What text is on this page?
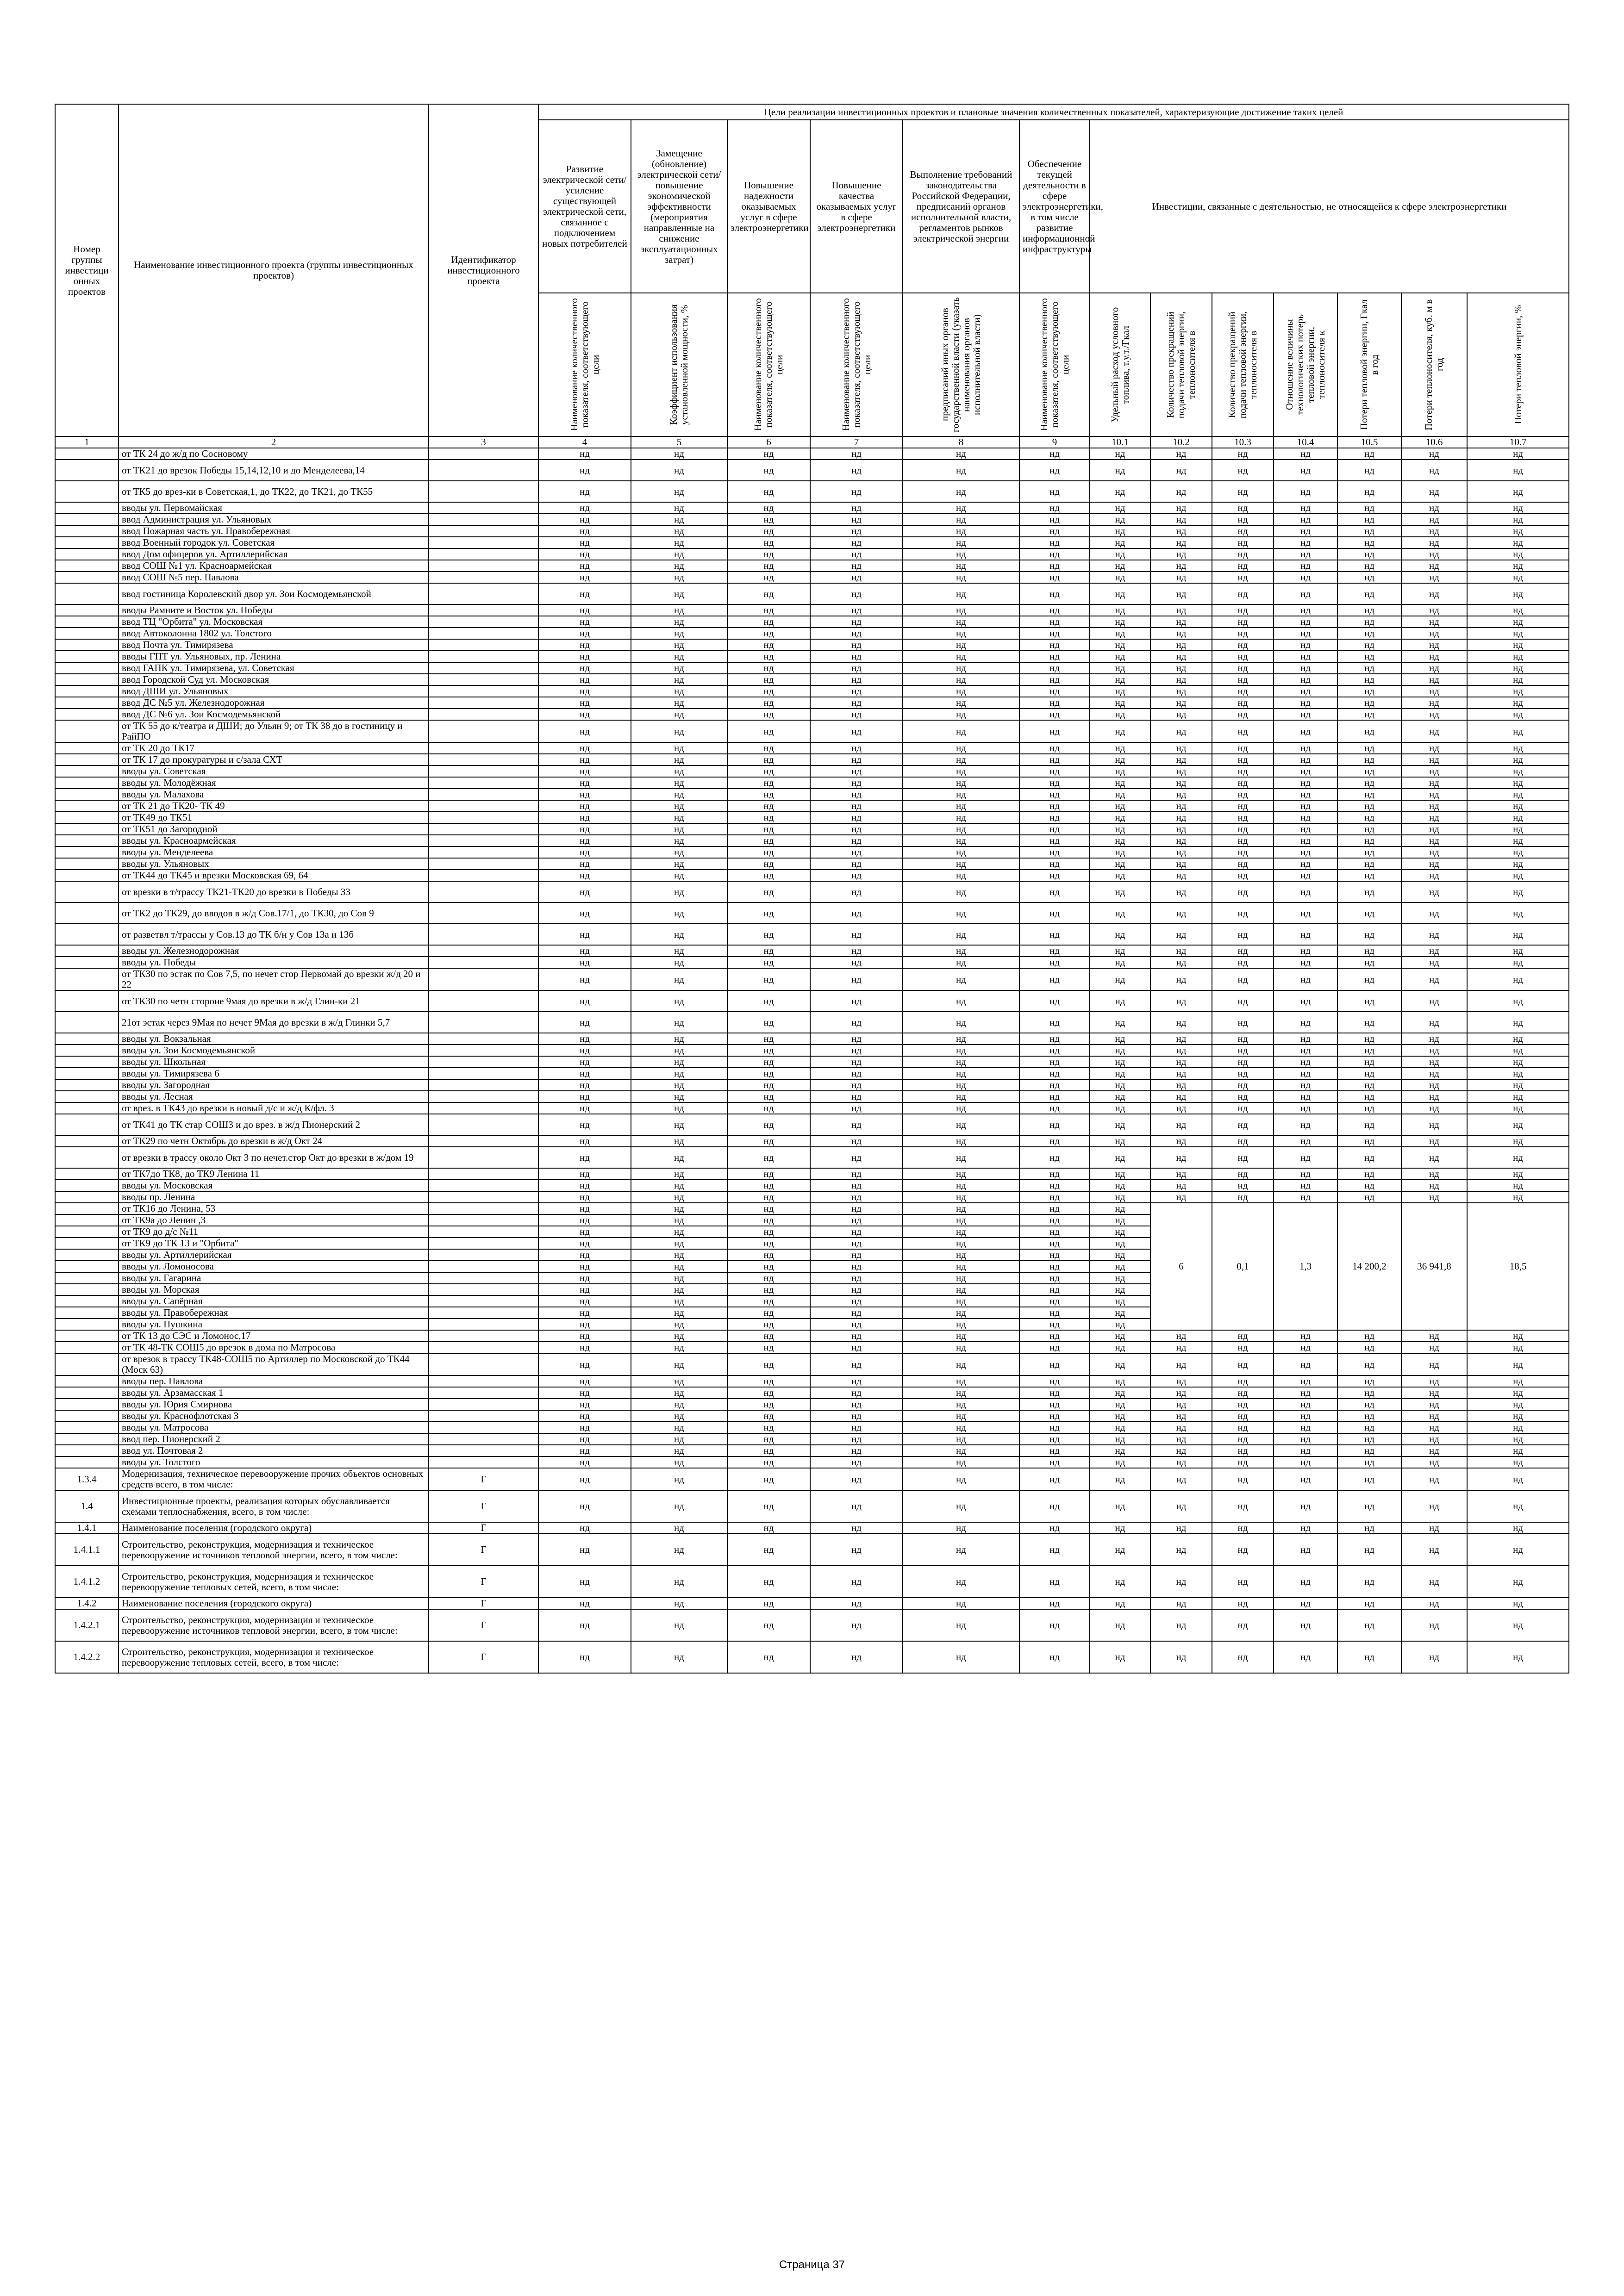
Номер группы инвестици онных проектов	Наименование инвестиционного проекта (группы инвестиционных проектов)	Идентификатор инвестиционного проекта	Цели реализации инвестиционных проектов и плановые значения количественных показателей, характеризующие достижение таких целей												
			Развитие электрической сети/усиление существующей электрической сети, связанное с подключением новых потребителей	Замещение (обновление) электрической сети/повышение экономической эффективности (мероприятия направленные на снижение эксплуатационных затрат)	Повышение надежности оказываемых услуг в сфере электроэнергетики	Повышение качества оказываемых услуг в сфере электроэнергетики	Выполнение требований законодательства Российской Федерации, предписаний органов исполнительной власти, регламентов рынков электрической энергии	Обеспечение текущей деятельности в сфере электроэнергетики, в том числе развитие информационной инфраструктуры	Инвестиции, связанные с деятельностью, не относящейся к сфере электроэнергетики						

			Наименование количественного показателя, соответствующего цели	Коэффициент использования установленной мощности, %	Наименование количественного показателя, соответствующего цели	Наименование количественного показателя, соответствующего цели	предписаний иных органов государственной власти (указать наименования органов исполнительной власти)	Наименование количественного показателя, соответствующего цели	Удельный расход условного топлива, т.у.т./Гкал	Количество прекращений подачи тепловой энергии, теплоносителя в	Количество прекращений подачи тепловой энергии, теплоносителя в	Отношение величины технологических потерь тепловой энергии, теплоносителя к	Потери тепловой энергии, Гкал в год	Потери теплоносителя, куб. м в год	Потери тепловой энергии, %

1	2	3	4	5	6	7	8	9	10.1	10.2	10.3	10.4	10.5	10.6	10.7
	от ТК 24 до ж/д по Сосновому		нд	нд	нд	нд	нд	нд	нд	нд	нд	нд	нд	нд	нд
	от ТК21 до врезок Победы 15,14,12,10 и до Менделеева,14		нд	нд	нд	нд	нд	нд	нд	нд	нд	нд	нд	нд	нд
	от ТК5 до врез-ки в Советская,1, до ТК22, до ТК21, до ТК55		нд	нд	нд	нд	нд	нд	нд	нд	нд	нд	нд	нд	нд
	вводы ул. Первомайская		нд	нд	нд	нд	нд	нд	нд	нд	нд	нд	нд	нд	нд
	ввод Администрация ул. Ульяновых		нд	нд	нд	нд	нд	нд	нд	нд	нд	нд	нд	нд	нд
	ввод Пожарная часть ул. Правобережная		нд	нд	нд	нд	нд	нд	нд	нд	нд	нд	нд	нд	нд
	ввод Военный городок ул. Советская		нд	нд	нд	нд	нд	нд	нд	нд	нд	нд	нд	нд	нд
	ввод Дом офицеров ул. Артиллерийская		нд	нд	нд	нд	нд	нд	нд	нд	нд	нд	нд	нд	нд
	ввод СОШ №1 ул. Красноармейская		нд	нд	нд	нд	нд	нд	нд	нд	нд	нд	нд	нд	нд
	ввод СОШ №5 пер. Павлова		нд	нд	нд	нд	нд	нд	нд	нд	нд	нд	нд	нд	нд
	ввод гостиница Королевский двор ул. Зои Космодемьянской		нд	нд	нд	нд	нд	нд	нд	нд	нд	нд	нд	нд	нд
	вводы Рамните и Восток ул. Победы		нд	нд	нд	нд	нд	нд	нд	нд	нд	нд	нд	нд	нд
	ввод ТЦ "Орбита" ул. Московская		нд	нд	нд	нд	нд	нд	нд	нд	нд	нд	нд	нд	нд
	ввод Автоколонна 1802 ул. Толстого		нд	нд	нд	нд	нд	нд	нд	нд	нд	нд	нд	нд	нд
	ввод Почта ул. Тимирязева		нд	нд	нд	нд	нд	нд	нд	нд	нд	нд	нд	нд	нд
	вводы ГПТ ул. Ульяновых, пр. Ленина		нд	нд	нд	нд	нд	нд	нд	нд	нд	нд	нд	нд	нд
	ввод ГАПК ул. Тимирязева, ул. Советская		нд	нд	нд	нд	нд	нд	нд	нд	нд	нд	нд	нд	нд
	ввод Городской Суд ул. Московская		нд	нд	нд	нд	нд	нд	нд	нд	нд	нд	нд	нд	нд
	ввод ДШИ ул. Ульяновых		нд	нд	нд	нд	нд	нд	нд	нд	нд	нд	нд	нд	нд
	ввод ДС №5 ул. Железнодорожная		нд	нд	нд	нд	нд	нд	нд	нд	нд	нд	нд	нд	нд
	ввод ДС №6 ул. Зои Космодемьянской		нд	нд	нд	нд	нд	нд	нд	нд	нд	нд	нд	нд	нд
	от ТК 55 до к/театра и ДШИ; до Ульян 9; от ТК 38 до в гостиницу и РайПО		нд	нд	нд	нд	нд	нд	нд	нд	нд	нд	нд	нд	нд
	от ТК 20 до ТК17		нд	нд	нд	нд	нд	нд	нд	нд	нд	нд	нд	нд	нд
	от ТК 17 до прокуратуры и с/зала СХТ		нд	нд	нд	нд	нд	нд	нд	нд	нд	нд	нд	нд	нд
	вводы ул. Советская		нд	нд	нд	нд	нд	нд	нд	нд	нд	нд	нд	нд	нд
	вводы ул. Молодёжная		нд	нд	нд	нд	нд	нд	нд	нд	нд	нд	нд	нд	нд
	вводы ул. Малахова		нд	нд	нд	нд	нд	нд	нд	нд	нд	нд	нд	нд	нд
	от ТК 21 до ТК20- ТК 49		нд	нд	нд	нд	нд	нд	нд	нд	нд	нд	нд	нд	нд
	от ТК49 до ТК51		нд	нд	нд	нд	нд	нд	нд	нд	нд	нд	нд	нд	нд
	от ТК51 до Загородной		нд	нд	нд	нд	нд	нд	нд	нд	нд	нд	нд	нд	нд
	вводы ул. Красноармейская		нд	нд	нд	нд	нд	нд	нд	нд	нд	нд	нд	нд	нд
	вводы ул. Менделеева		нд	нд	нд	нд	нд	нд	нд	нд	нд	нд	нд	нд	нд
	вводы ул. Ульяновых		нд	нд	нд	нд	нд	нд	нд	нд	нд	нд	нд	нд	нд
	от ТК44 до ТК45 и врезки Московская 69, 64		нд	нд	нд	нд	нд	нд	нд	нд	нд	нд	нд	нд	нд
	от врезки в т/трассу ТК21-ТК20 до врезки в Победы 33		нд	нд	нд	нд	нд	нд	нд	нд	нд	нд	нд	нд	нд
	от ТК2 до ТК29, до вводов в ж/д Сов.17/1, до ТК30, до Сов 9		нд	нд	нд	нд	нд	нд	нд	нд	нд	нд	нд	нд	нд
	от разветвл т/трассы у Сов.13 до ТК б/н у Сов 13а и 13б		нд	нд	нд	нд	нд	нд	нд	нд	нд	нд	нд	нд	нд
	вводы ул. Железнодорожная		нд	нд	нд	нд	нд	нд	нд	нд	нд	нд	нд	нд	нд
	вводы ул. Победы		нд	нд	нд	нд	нд	нд	нд	нд	нд	нд	нд	нд	нд
	от ТК30 по эстак по Сов 7,5, по нечет стор Первомай до врезки ж/д 20 и 22		нд	нд	нд	нд	нд	нд	нд	нд	нд	нд	нд	нд	нд
	от ТК30 по четн стороне 9мая до врезки в ж/д Глин-ки 21		нд	нд	нд	нд	нд	нд	нд	нд	нд	нд	нд	нд	нд
	21от эстак через 9Мая по нечет 9Мая до врезки в ж/д Глинки 5,7		нд	нд	нд	нд	нд	нд	нд	нд	нд	нд	нд	нд	нд
	вводы ул. Вокзальная		нд	нд	нд	нд	нд	нд	нд	нд	нд	нд	нд	нд	нд
	вводы ул. Зои Космодемьянской		нд	нд	нд	нд	нд	нд	нд	нд	нд	нд	нд	нд	нд
	вводы ул. Школьная		нд	нд	нд	нд	нд	нд	нд	нд	нд	нд	нд	нд	нд
	вводы ул. Тимирязева 6		нд	нд	нд	нд	нд	нд	нд	нд	нд	нд	нд	нд	нд
	вводы ул. Загородная		нд	нд	нд	нд	нд	нд	нд	нд	нд	нд	нд	нд	нд
	вводы ул. Лесная		нд	нд	нд	нд	нд	нд	нд	нд	нд	нд	нд	нд	нд
	от врез. в ТК43 до врезки в новый д/с и ж/д К/фл. 3		нд	нд	нд	нд	нд	нд	нд	нд	нд	нд	нд	нд	нд
	от ТК41 до ТК стар СОШ3 и до врез. в ж/д Пионерский 2		нд	нд	нд	нд	нд	нд	нд	нд	нд	нд	нд	нд	нд
	от ТК29 по четн Октябрь до врезки в ж/д Окт 24		нд	нд	нд	нд	нд	нд	нд	нд	нд	нд	нд	нд	нд
	от врезки в трассу около Окт 3 по нечет.стор Окт до врезки в ж/дом 19		нд	нд	нд	нд	нд	нд	нд	нд	нд	нд	нд	нд	нд
	от ТК7до ТК8, до ТК9 Ленина 11		нд	нд	нд	нд	нд	нд	нд	нд	нд	нд	нд	нд	нд
	вводы ул. Московская		нд	нд	нд	нд	нд	нд	нд	нд	нд	нд	нд	нд	нд
	вводы пр. Ленина		нд	нд	нд	нд	нд	нд	нд	нд	нд	нд	нд	нд	нд
	от ТК16 до Ленина, 53		нд	нд	нд	нд	нд	нд	нд	6	0,1	1,3	14 200,2	36 941,8	18,5
	от ТК9а до Ленин ,3		нд	нд	нд	нд	нд	нд	нд						
	от ТК9 до д/с №11		нд	нд	нд	нд	нд	нд	нд						
	от ТК9 до ТК 13 и "Орбита"		нд	нд	нд	нд	нд	нд	нд						
	вводы ул. Артиллерийская		нд	нд	нд	нд	нд	нд	нд						
	вводы ул. Ломоносова		нд	нд	нд	нд	нд	нд	нд						
	вводы ул. Гагарина		нд	нд	нд	нд	нд	нд	нд						
	вводы ул. Морская		нд	нд	нд	нд	нд	нд	нд						
	вводы ул. Сапёрная		нд	нд	нд	нд	нд	нд	нд						
	вводы ул. Правобережная		нд	нд	нд	нд	нд	нд	нд						
	вводы ул. Пушкина		нд	нд	нд	нд	нд	нд	нд						
	от ТК 13 до СЭС и Ломонос,17		нд	нд	нд	нд	нд	нд	нд	нд	нд	нд	нд	нд	нд
	от ТК 48-ТК СОШ5 до врезок в дома по Матросова		нд	нд	нд	нд	нд	нд	нд	нд	нд	нд	нд	нд	нд
	от врезок в трассу ТК48-СОШ5 по Артиллер по Московской до ТК44 (Моск 63)		нд	нд	нд	нд	нд	нд	нд	нд	нд	нд	нд	нд	нд
	вводы пер. Павлова		нд	нд	нд	нд	нд	нд	нд	нд	нд	нд	нд	нд	нд
	вводы ул. Арзамасская 1		нд	нд	нд	нд	нд	нд	нд	нд	нд	нд	нд	нд	нд
	вводы ул. Юрия Смирнова		нд	нд	нд	нд	нд	нд	нд	нд	нд	нд	нд	нд	нд
	вводы ул. Краснофлотская 3		нд	нд	нд	нд	нд	нд	нд	нд	нд	нд	нд	нд	нд
	вводы ул. Матросова		нд	нд	нд	нд	нд	нд	нд	нд	нд	нд	нд	нд	нд
	ввод пер. Пионерский 2		нд	нд	нд	нд	нд	нд	нд	нд	нд	нд	нд	нд	нд
	ввод ул. Почтовая 2		нд	нд	нд	нд	нд	нд	нд	нд	нд	нд	нд	нд	нд
	вводы ул. Толстого		нд	нд	нд	нд	нд	нд	нд	нд	нд	нд	нд	нд	нд
1.3.4	Модернизация, техническое перевооружение прочих объектов основных средств всего, в том числе:	Г	нд	нд	нд	нд	нд	нд	нд	нд	нд	нд	нд	нд	нд
1.4	Инвестиционные проекты, реализация которых обуславливается схемами теплоснабжения, всего, в том числе:	Г	нд	нд	нд	нд	нд	нд	нд	нд	нд	нд	нд	нд	нд
1.4.1	Наименование поселения (городского округа)	Г	нд	нд	нд	нд	нд	нд	нд	нд	нд	нд	нд	нд	нд
1.4.1.1	Строительство, реконструкция, модернизация и техническое перевооружение источников тепловой энергии, всего, в том числе:	Г	нд	нд	нд	нд	нд	нд	нд	нд	нд	нд	нд	нд	нд
1.4.1.2	Строительство, реконструкция, модернизация и техническое перевооружение тепловых сетей, всего, в том числе:	Г	нд	нд	нд	нд	нд	нд	нд	нд	нд	нд	нд	нд	нд
1.4.2	Наименование поселения (городского округа)	Г	нд	нд	нд	нд	нд	нд	нд	нд	нд	нд	нд	нд	нд
1.4.2.1	Строительство, реконструкция, модернизация и техническое перевооружение источников тепловой энергии, всего, в том числе:	Г	нд	нд	нд	нд	нд	нд	нд	нд	нд	нд	нд	нд	нд
1.4.2.2	Строительство, реконструкция, модернизация и техническое перевооружение тепловых сетей, всего, в том числе:	Г	нд	нд	нд	нд	нд	нд	нд	нд	нд	нд	нд	нд	нд
Страница 37
